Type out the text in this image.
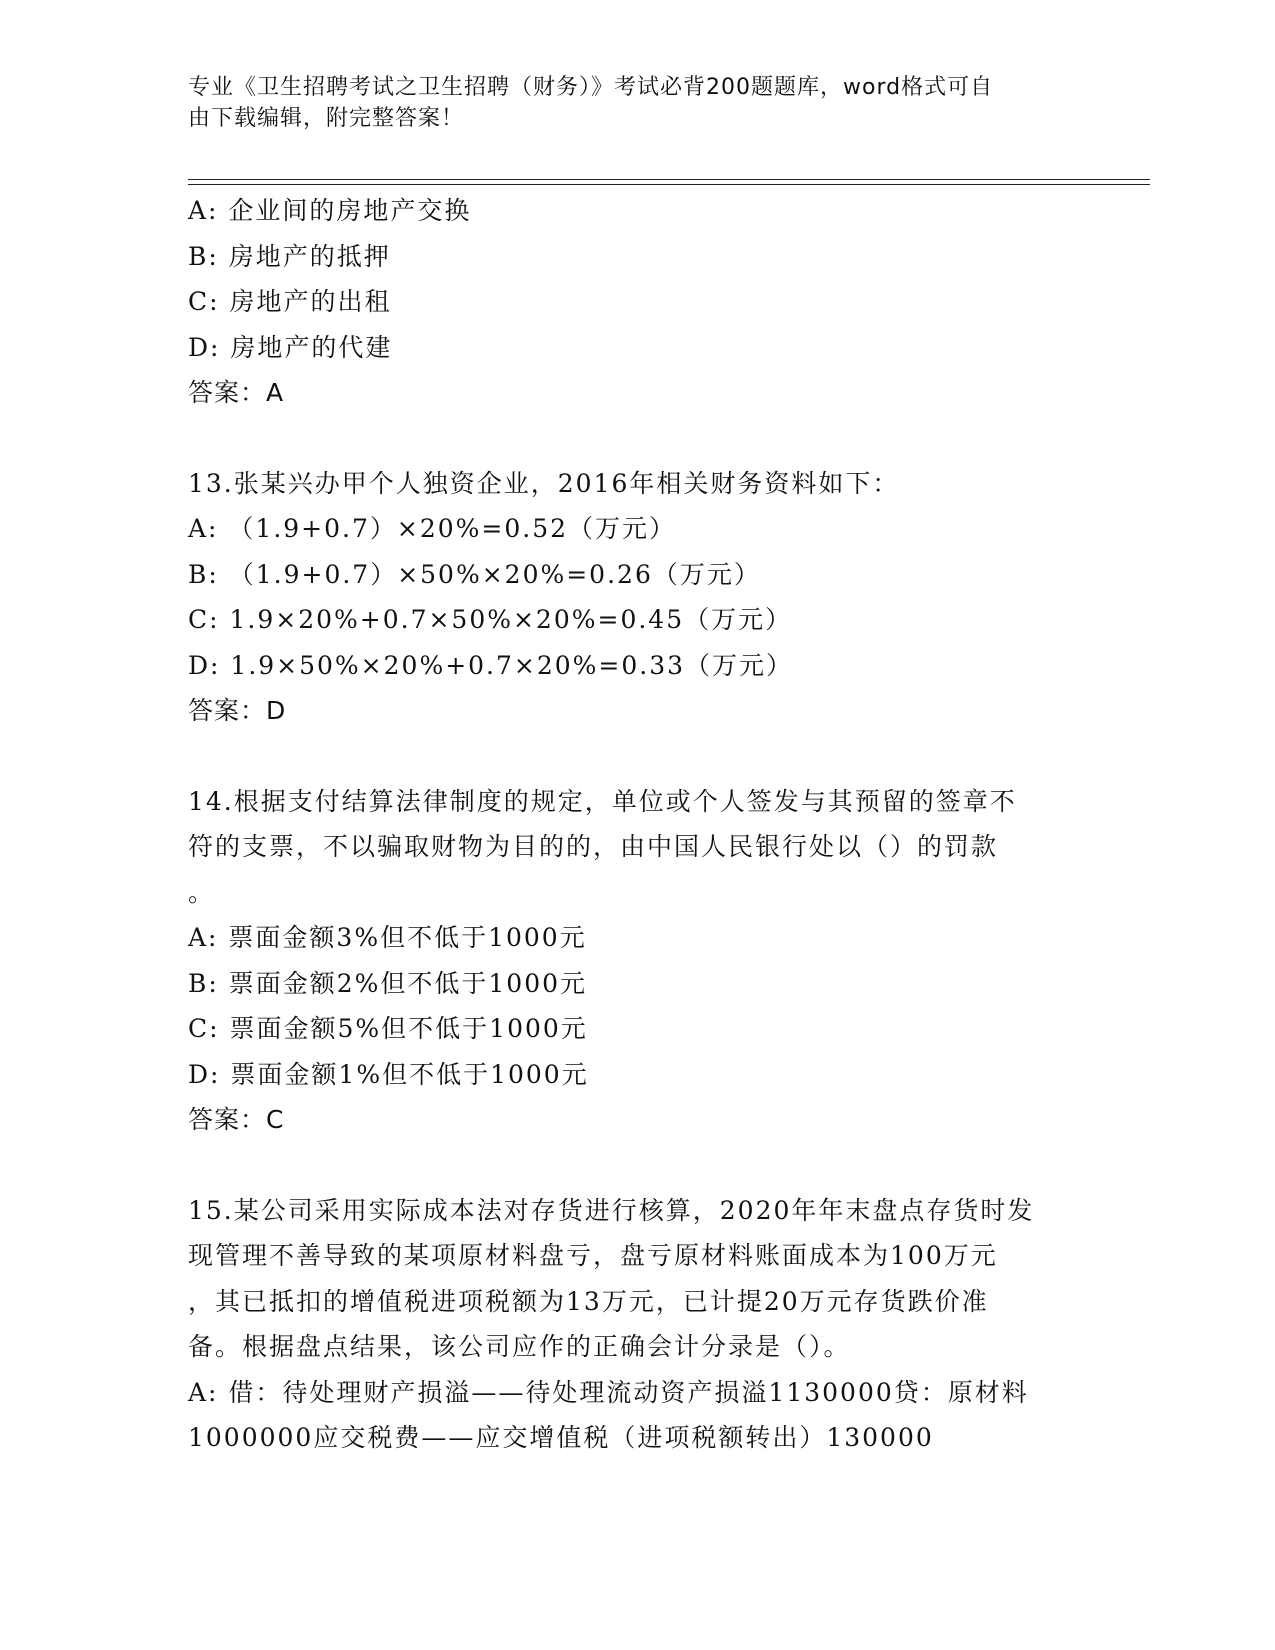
专业《卫生招聘考试之卫生招聘（财务）》考试必背200题题库，word格式可自
由下载编辑，附完整答案！
A: 企业间的房地产交换
B: 房地产的抵押
C: 房地产的出租
D: 房地产的代建
答案：A
13.张某兴办甲个人独资企业，2016年相关财务资料如下：
A: （1.9+0.7）×20%=0.52（万元）
B: （1.9+0.7）×50%×20%=0.26（万元）
C: 1.9×20%+0.7×50%×20%=0.45（万元）
D: 1.9×50%×20%+0.7×20%=0.33（万元）
答案：D
14.根据支付结算法律制度的规定，单位或个人签发与其预留的签章不
符的支票，不以骗取财物为目的的，由中国人民银行处以（）的罚款
。
A: 票面金额3%但不低于1000元
B: 票面金额2%但不低于1000元
C: 票面金额5%但不低于1000元
D: 票面金额1%但不低于1000元
答案：C
15.某公司采用实际成本法对存货进行核算，2020年年末盘点存货时发
现管理不善导致的某项原材料盘亏，盘亏原材料账面成本为100万元
，其已抵扣的增值税进项税额为13万元，已计提20万元存货跌价准
备。根据盘点结果，该公司应作的正确会计分录是（）。
A: 借：待处理财产损溢——待处理流动资产损溢1130000贷：原材料
1000000应交税费——应交增值税（进项税额转出）130000
